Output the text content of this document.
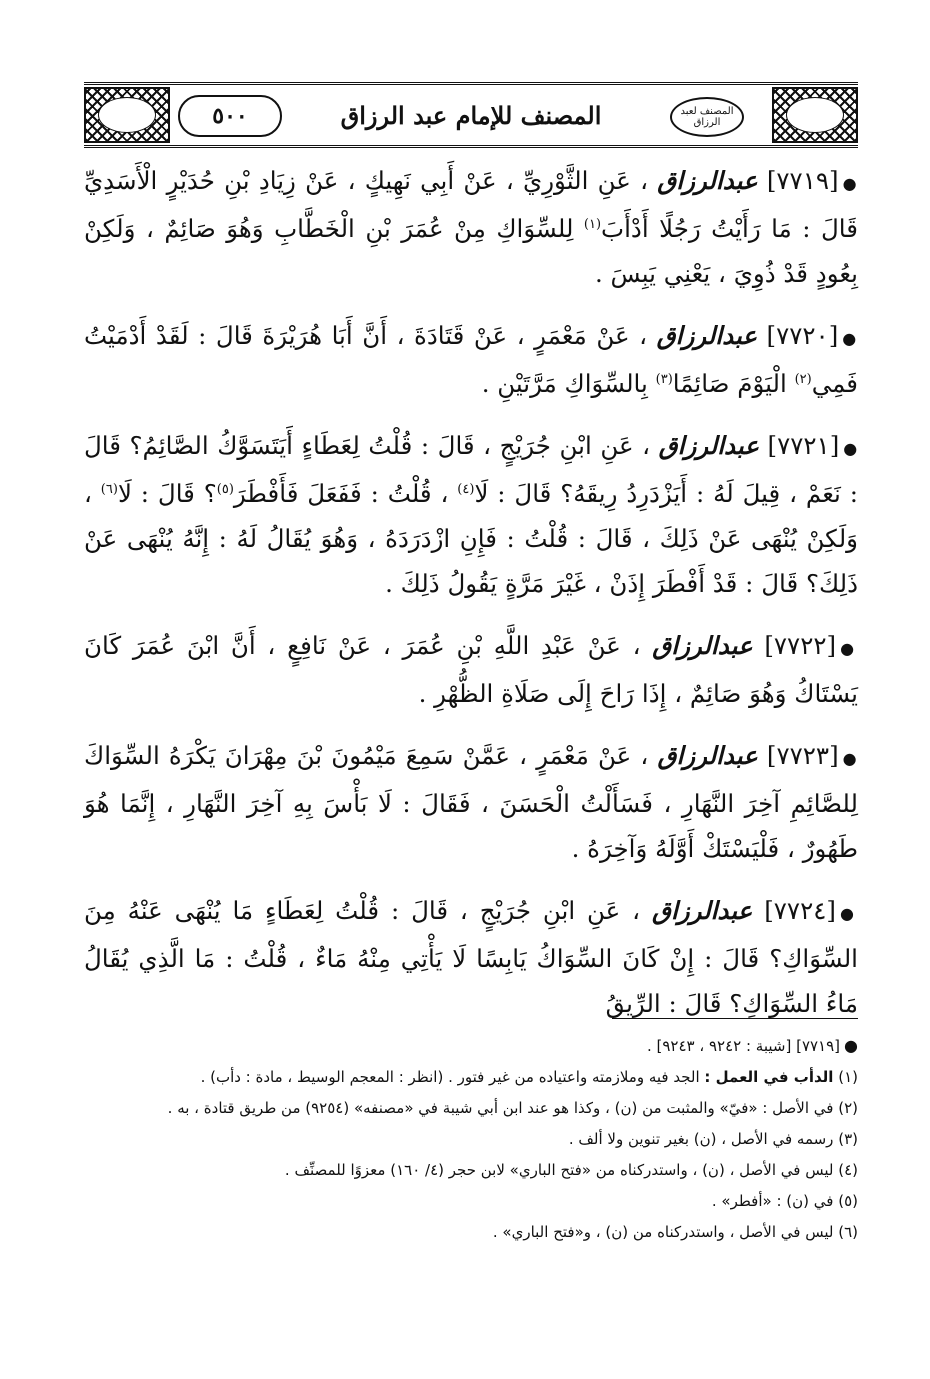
٥٠٠	المصنف للإمام عبد الرزاق	المصنف لعبد الرزاق

●[٧٧١٩] عبدالرزاق ، عَنِ الثَّوْرِيِّ ، عَنْ أَبِي نَهِيكٍ ، عَنْ زِيَادِ بْنِ حُدَيْرٍ الْأَسَدِيِّ قَالَ : مَا رَأَيْتُ رَجُلًا أَدْأَبَ$^{(١)}$ لِلسِّوَاكِ مِنْ عُمَرَ بْنِ الْخَطَّابِ وَهُوَ صَائِمٌ ، وَلَكِنْ بِعُودٍ قَدْ ذُوِيَ ، يَعْنِي يَبِسَ .

●[٧٧٢٠] عبدالرزاق ، عَنْ مَعْمَرٍ ، عَنْ قَتَادَةَ ، أَنَّ أَبَا هُرَيْرَةَ قَالَ : لَقَدْ أَدْمَيْتُ فَمِي$^{(٢)}$ الْيَوْمَ صَائِمًا$^{(٣)}$ بِالسِّوَاكِ مَرَّتَيْنِ .

●[٧٧٢١] عبدالرزاق ، عَنِ ابْنِ جُرَيْجٍ ، قَالَ : قُلْتُ لِعَطَاءٍ أَيَتَسَوَّكُ الصَّائِمُ؟ قَالَ : نَعَمْ ، قِيلَ لَهُ : أَيَزْدَرِدُ رِيقَهُ؟ قَالَ : لَا$^{(٤)}$ ، قُلْتُ : فَفَعَلَ فَأَفْطَرَ$^{(٥)}$؟ قَالَ : لَا$^{(٦)}$ ، وَلَكِنْ يُنْهَى عَنْ ذَلِكَ ، قَالَ : قُلْتُ : فَإِنِ ازْدَرَدَهُ ، وَهُوَ يُقَالُ لَهُ : إِنَّهُ يُنْهَى عَنْ ذَلِكَ؟ قَالَ : قَدْ أَفْطَرَ إِذَنْ ، غَيْرَ مَرَّةٍ يَقُولُ ذَلِكَ .

●[٧٧٢٢] عبدالرزاق ، عَنْ عَبْدِ اللَّهِ بْنِ عُمَرَ ، عَنْ نَافِعٍ ، أَنَّ ابْنَ عُمَرَ كَانَ يَسْتَاكُ وَهُوَ صَائِمٌ ، إِذَا رَاحَ إِلَى صَلَاةِ الظُّهْرِ .

●[٧٧٢٣] عبدالرزاق ، عَنْ مَعْمَرٍ ، عَمَّنْ سَمِعَ مَيْمُونَ بْنَ مِهْرَانَ يَكْرَهُ السِّوَاكَ لِلصَّائِمِ آخِرَ النَّهَارِ ، فَسَأَلْتُ الْحَسَنَ ، فَقَالَ : لَا بَأْسَ بِهِ آخِرَ النَّهَارِ ، إِنَّمَا هُوَ طَهُورٌ ، فَلْيَسْتَكْ أَوَّلَهُ وَآخِرَهُ .

●[٧٧٢٤] عبدالرزاق ، عَنِ ابْنِ جُرَيْجٍ ، قَالَ : قُلْتُ لِعَطَاءٍ مَا يُنْهَى عَنْهُ مِنَ السِّوَاكِ؟ قَالَ : إِنْ كَانَ السِّوَاكُ يَابِسًا لَا يَأْتِي مِنْهُ مَاءٌ ، قُلْتُ : مَا الَّذِي يُقَالُ مَاءُ السِّوَاكِ؟ قَالَ : الرِّيقُ

●[٧٧١٩] [شيبة : ٩٢٤٢ ، ٩٢٤٣] .

(١) الدأب في العمل : الجد فيه وملازمته واعتياده من غير فتور . (انظر : المعجم الوسيط ، مادة : دأب) .

(٢) في الأصل : «فيّ» والمثبت من (ن) ، وكذا هو عند ابن أبي شيبة في «مصنفه» (٩٢٥٤) من طريق قتادة ، به .

(٣) رسمه في الأصل ، (ن) بغير تنوين ولا ألف .

(٤) ليس في الأصل ، (ن) ، واستدركناه من «فتح الباري» لابن حجر (٤/ ١٦٠) معزوًا للمصنِّف .

(٥) في (ن) : «أفطر» .

(٦) ليس في الأصل ، واستدركناه من (ن) ، و«فتح الباري» .
